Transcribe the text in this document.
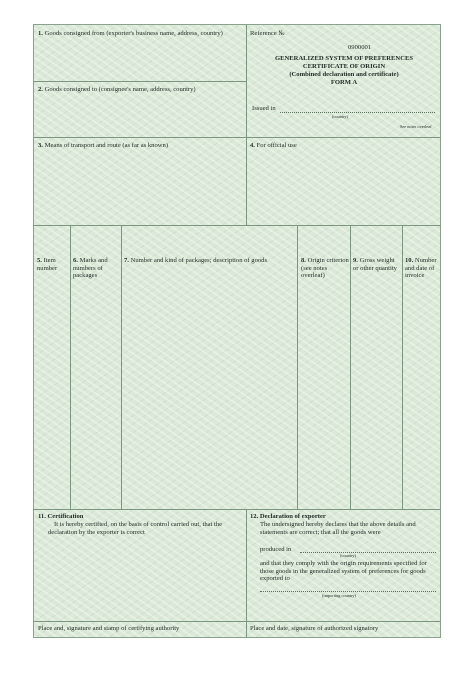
1. Goods consigned from (exporter's business name, address, country)
2. Goods consigned to (consignee's name, address, country)
Reference №
0900001
GENERALIZED SYSTEM OF PREFERENCES
CERTIFICATE OF ORIGIN
(Combined declaration and certificate)
FORM A
Issued in
(country)
See notes overleaf
3. Means of transport and route (as far as known)	4. For official use
5. Item number
6. Marks and numbers of packages
7. Number and kind of packages; description of goods	8. Origin criterion (see notes overleaf)
9. Gross weight or other quantity
10. Number and date of invoice
11. Certification
It is hereby certified, on the basis of control carried out, that the declaration by the exporter is correct
Place and, signature and stamp of certifying authority
12. Declaration of exporter
The undersigned hereby declares that the above details and statements are correct; that all the goods were
produced in
(country)
and that they comply with the origin requirements specified for those goods in the generalized system of preferences for goods exported to
(importing country)
Place and date, signature of authorized signatory
